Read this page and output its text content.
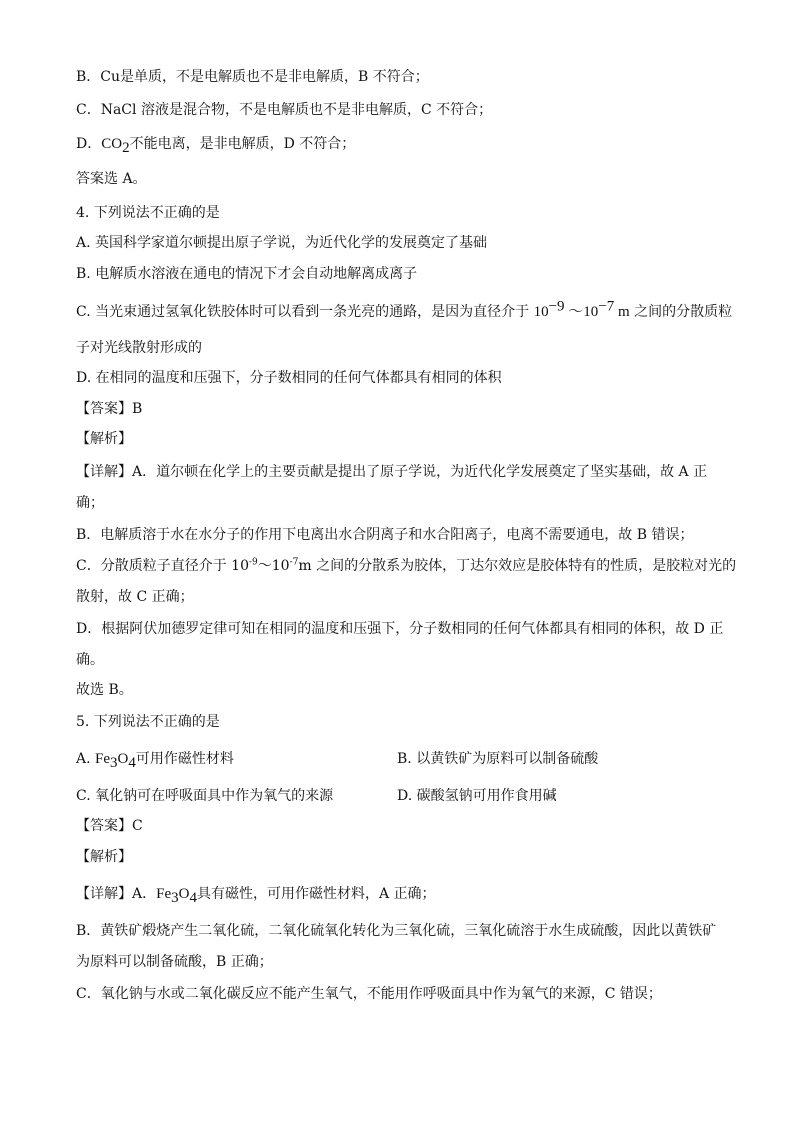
B．Cu是单质，不是电解质也不是非电解质，B 不符合；
C．NaCl 溶液是混合物，不是电解质也不是非电解质，C 不符合；
D．$CO_2$不能电离，是非电解质，D 不符合；
答案选 A。
4. 下列说法不正确的是
A. 英国科学家道尔顿提出原子学说，为近代化学的发展奠定了基础
B. 电解质水溶液在通电的情况下才会自动地解离成离子
C. 当光束通过氢氧化铁胶体时可以看到一条光亮的通路，是因为直径介于 $10^{-9}$ $\sim 10^{-7}$ m 之间的分散质粒
子对光线散射形成的
D. 在相同的温度和压强下，分子数相同的任何气体都具有相同的体积
【答案】B
【解析】
【详解】A．道尔顿在化学上的主要贡献是提出了原子学说，为近代化学发展奠定了坚实基础，故 A 正
确；
B．电解质溶于水在水分子的作用下电离出水合阴离子和水合阳离子，电离不需要通电，故 B 错误；
C．分散质粒子直径介于 $10^{-9}\sim 10^{-7}m$ 之间的分散系为胶体，丁达尔效应是胶体特有的性质，是胶粒对光的
散射，故 C 正确；
D．根据阿伏加德罗定律可知在相同的温度和压强下，分子数相同的任何气体都具有相同的体积，故 D 正
确。
故选 B。
5. 下列说法不正确的是
A. $Fe_3O_4$可用作磁性材料	B. 以黄铁矿为原料可以制备硫酸
C. 氧化钠可在呼吸面具中作为氧气的来源	D. 碳酸氢钠可用作食用碱
【答案】C
【解析】
【详解】A．$Fe_3O_4$具有磁性，可用作磁性材料，A 正确；
B．黄铁矿煅烧产生二氧化硫，二氧化硫氧化转化为三氧化硫，三氧化硫溶于水生成硫酸，因此以黄铁矿
为原料可以制备硫酸，B 正确；
C．氧化钠与水或二氧化碳反应不能产生氧气，不能用作呼吸面具中作为氧气的来源，C 错误；
